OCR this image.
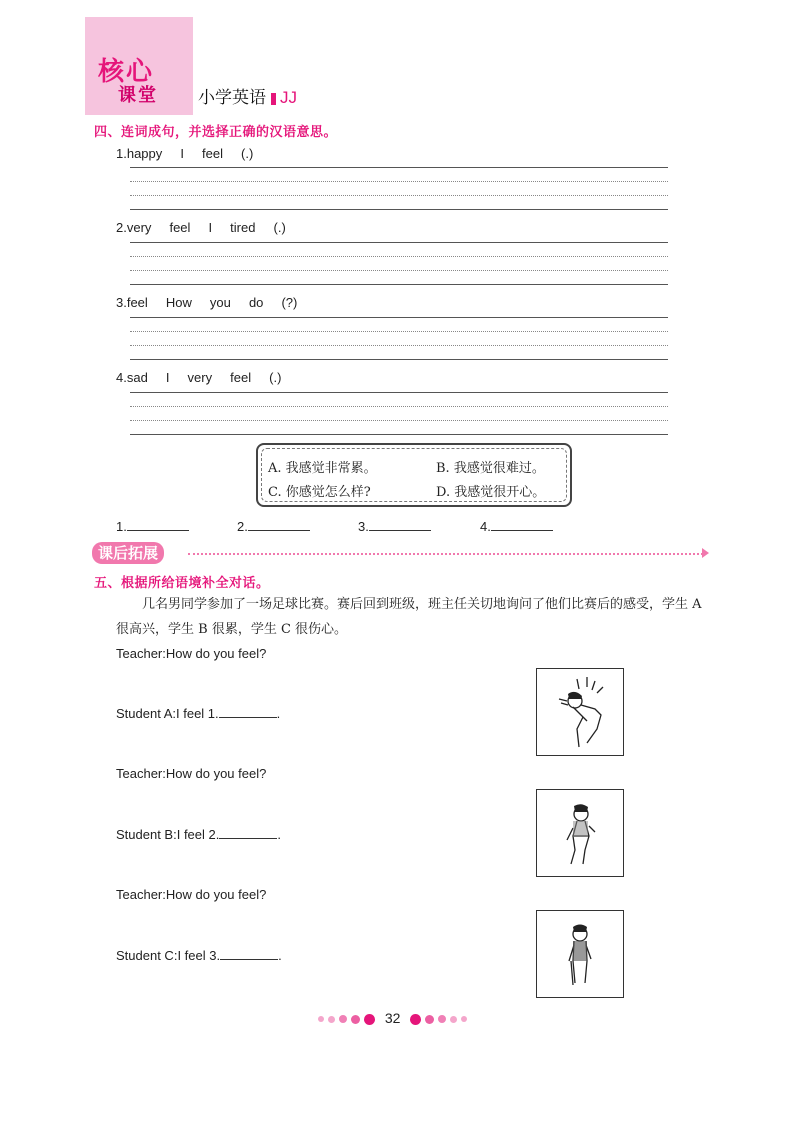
核心
课堂 小学英语 JJ
四、连词成句，并选择正确的汉语意思。
1.happy     I     feel     (.)
2.very     feel     I     tired     (.)
3.feel     How     you     do     (?)
4.sad     I     very     feel     (.)
A. 我感觉非常累。	B. 我感觉很难过。
C. 你感觉怎么样?	D. 我感觉很开心。
1.	2.	3.	4.
课后拓展
五、根据所给语境补全对话。
几名男同学参加了一场足球比赛。赛后回到班级，班主任关切地询问了他们比赛后的感受，学生 A 很高兴，学生 B 很累，学生 C 很伤心。
Teacher:How do you feel?
Student A:I feel 1.	.
Teacher:How do you feel?
Student B:I feel 2.	.
Teacher:How do you feel?
Student C:I feel 3.	.
32
